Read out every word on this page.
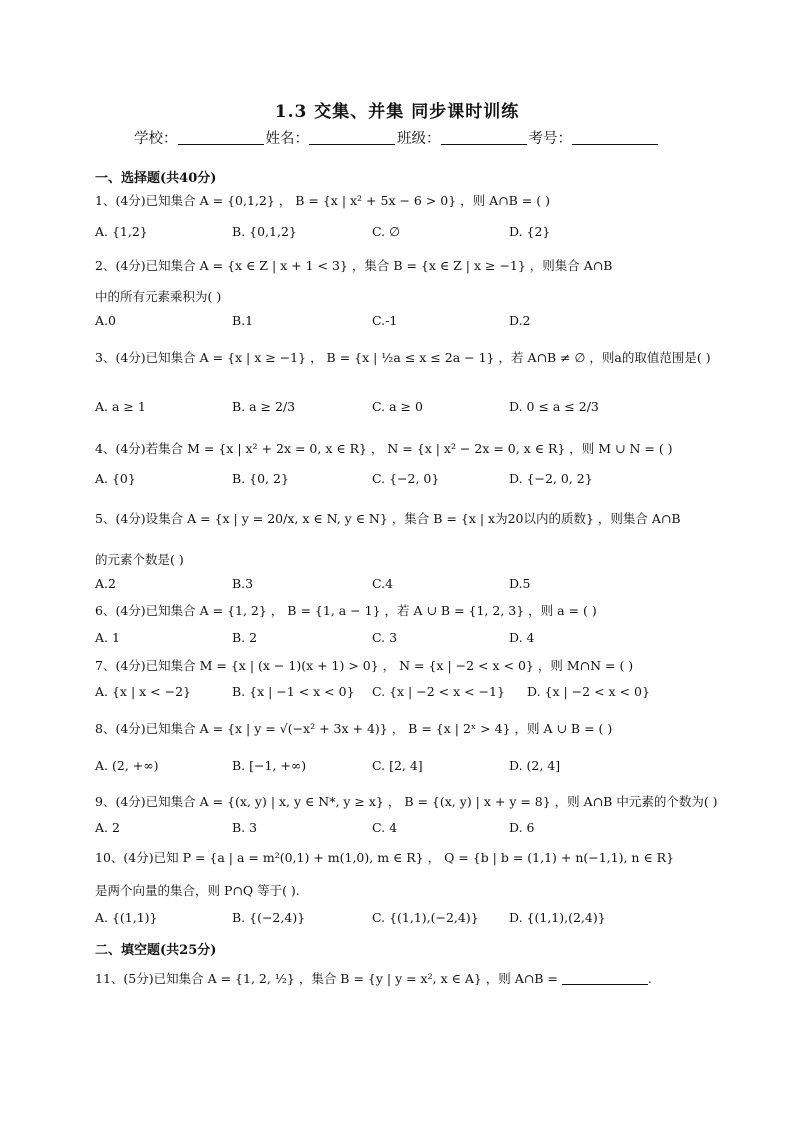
1.3 交集、并集 同步课时训练
学校：	姓名：	班级：	考号：
一、选择题(共40分)
1、(4分)已知集合 A = {0,1,2} ， B = {x | x² + 5x − 6 > 0} ，则 A∩B = ( )
A. {1,2}	B. {0,1,2}	C. ∅	D. {2}
2、(4分)已知集合 A = {x ∈ Z | x + 1 < 3} ，集合 B = {x ∈ Z | x ≥ −1} ，则集合 A∩B
中的所有元素乘积为( )
A.0	B.1	C.-1	D.2
3、(4分)已知集合 A = {x | x ≥ −1} ， B = {x | ½a ≤ x ≤ 2a − 1} ，若 A∩B ≠ ∅ ，则a的取值范围是( )
A. a ≥ 1	B. a ≥ 2/3	C. a ≥ 0	D. 0 ≤ a ≤ 2/3
4、(4分)若集合 M = {x | x² + 2x = 0, x ∈ R} ， N = {x | x² − 2x = 0, x ∈ R} ，则 M ∪ N = ( )
A. {0}	B. {0, 2}	C. {−2, 0}	D. {−2, 0, 2}
5、(4分)设集合 A = {x | y = 20/x, x ∈ N, y ∈ N} ，集合 B = {x | x为20以内的质数} ，则集合 A∩B
的元素个数是( )
A.2	B.3	C.4	D.5
6、(4分)已知集合 A = {1, 2} ， B = {1, a − 1} ，若 A ∪ B = {1, 2, 3} ，则 a = ( )
A. 1	B. 2	C. 3	D. 4
7、(4分)已知集合 M = {x | (x − 1)(x + 1) > 0} ， N = {x | −2 < x < 0} ，则 M∩N = ( )
A. {x | x < −2}	B. {x | −1 < x < 0} C. {x | −2 < x < −1} D. {x | −2 < x < 0}
8、(4分)已知集合 A = {x | y = √(−x² + 3x + 4)} ， B = {x | 2ˣ > 4} ，则 A ∪ B = ( )
A. (2, +∞)	B. [−1, +∞)	C. [2, 4]	D. (2, 4]
9、(4分)已知集合 A = {(x, y) | x, y ∈ N*, y ≥ x} ， B = {(x, y) | x + y = 8} ，则 A∩B 中元素的个数为( )
A. 2	B. 3	C. 4	D. 6
10、(4分)已知 P = {a | a = m²(0,1) + m(1,0), m ∈ R} ， Q = {b | b = (1,1) + n(−1,1), n ∈ R}
是两个向量的集合，则 P∩Q 等于( ).
A. {(1,1)}	B. {(−2,4)}	C. {(1,1),(−2,4)} D. {(1,1),(2,4)}
二、填空题(共25分)
11、(5分)已知集合 A = {1, 2, ½} ，集合 B = {y | y = x², x ∈ A} ，则 A∩B =	.
